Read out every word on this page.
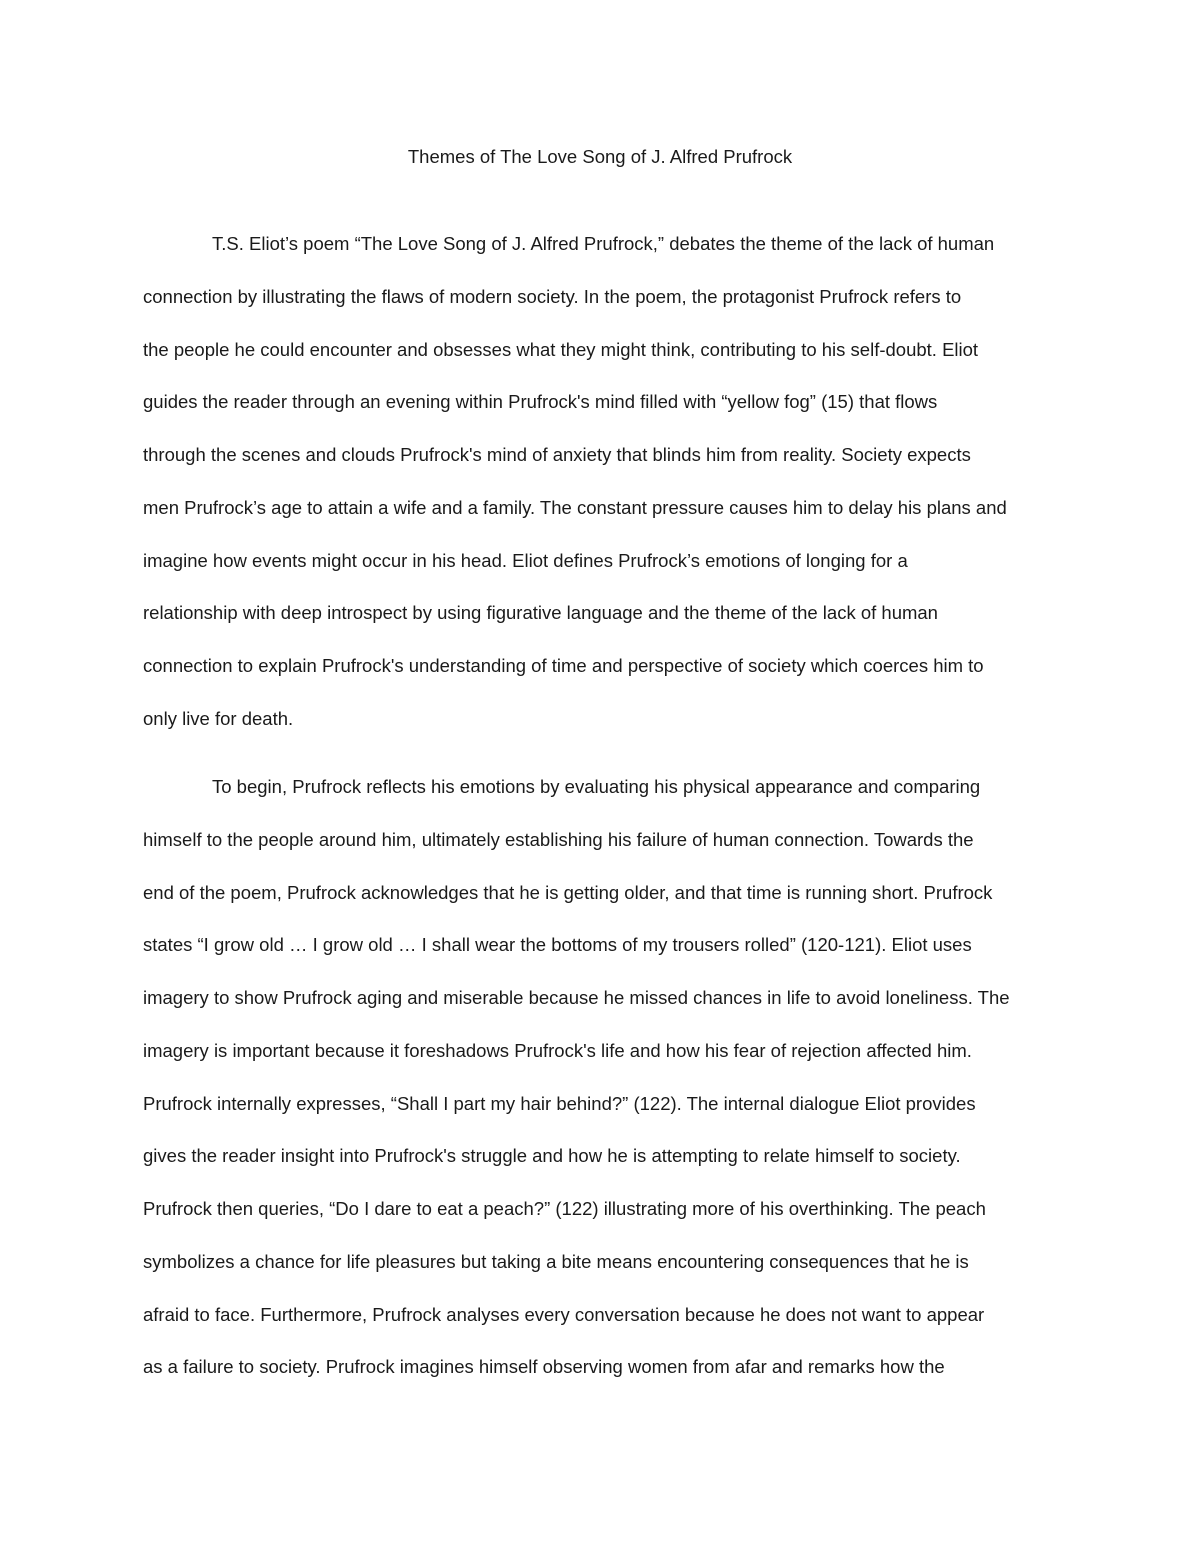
Themes of The Love Song of J. Alfred Prufrock
T.S. Eliot’s poem “The Love Song of J. Alfred Prufrock,” debates the theme of the lack of human
connection by illustrating the flaws of modern society. In the poem, the protagonist Prufrock refers to
the people he could encounter and obsesses what they might think, contributing to his self-doubt. Eliot
guides the reader through an evening within Prufrock's mind filled with “yellow fog” (15) that flows
through the scenes and clouds Prufrock's mind of anxiety that blinds him from reality. Society expects
men Prufrock’s age to attain a wife and a family. The constant pressure causes him to delay his plans and
imagine how events might occur in his head. Eliot defines Prufrock’s emotions of longing for a
relationship with deep introspect by using figurative language and the theme of the lack of human
connection to explain Prufrock's understanding of time and perspective of society which coerces him to
only live for death.
To begin, Prufrock reflects his emotions by evaluating his physical appearance and comparing
himself to the people around him, ultimately establishing his failure of human connection. Towards the
end of the poem, Prufrock acknowledges that he is getting older, and that time is running short. Prufrock
states “I grow old … I grow old … I shall wear the bottoms of my trousers rolled” (120-121). Eliot uses
imagery to show Prufrock aging and miserable because he missed chances in life to avoid loneliness. The
imagery is important because it foreshadows Prufrock's life and how his fear of rejection affected him.
Prufrock internally expresses, “Shall I part my hair behind?” (122). The internal dialogue Eliot provides
gives the reader insight into Prufrock's struggle and how he is attempting to relate himself to society.
Prufrock then queries, “Do I dare to eat a peach?” (122) illustrating more of his overthinking. The peach
symbolizes a chance for life pleasures but taking a bite means encountering consequences that he is
afraid to face. Furthermore, Prufrock analyses every conversation because he does not want to appear
as a failure to society. Prufrock imagines himself observing women from afar and remarks how the
